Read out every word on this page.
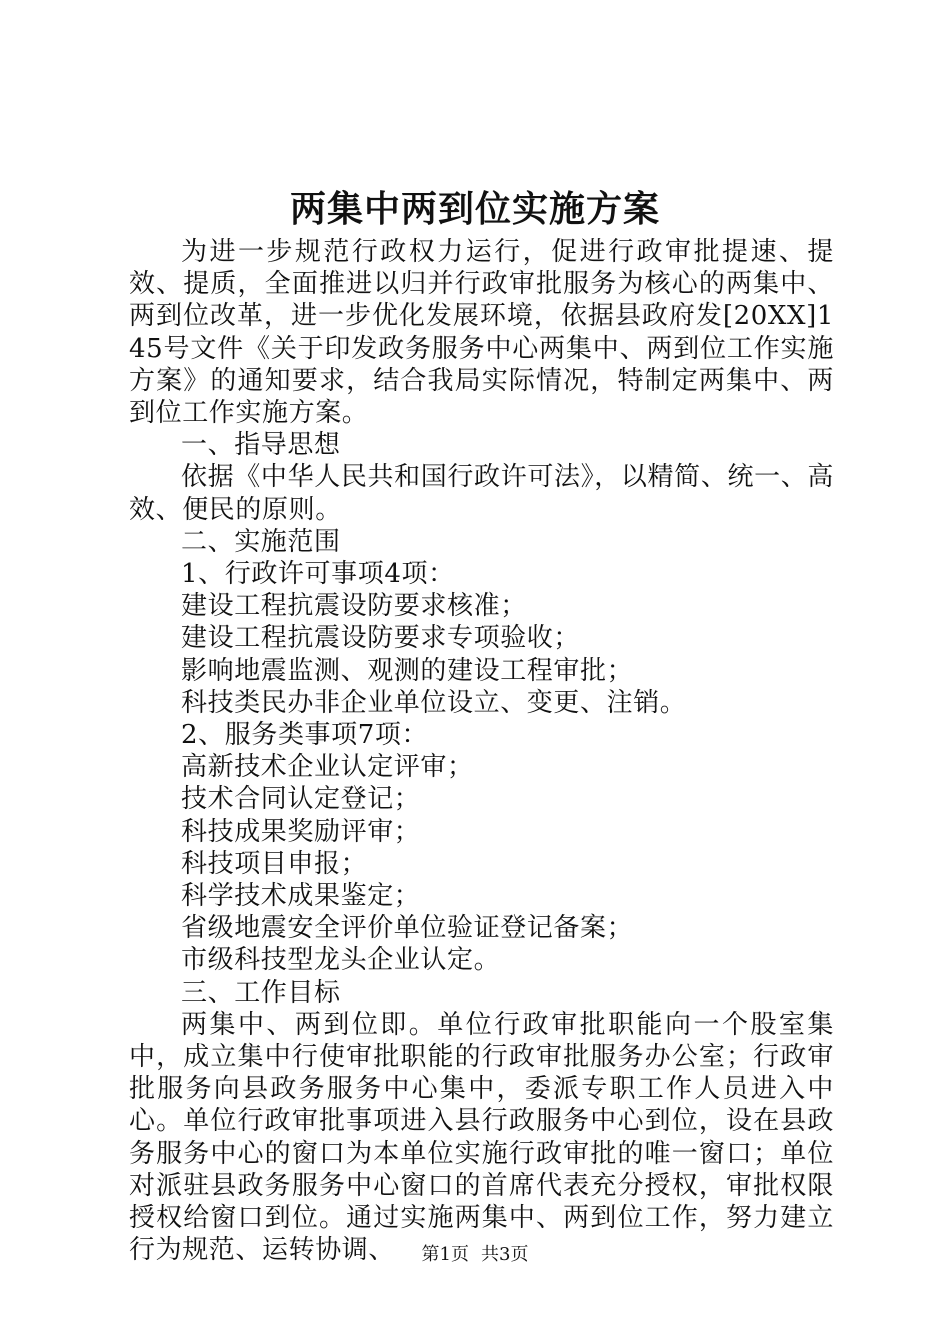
两集中两到位实施方案

为进一步规范行政权力运行，促进行政审批提速、提效、提质，全面推进以归并行政审批服务为核心的两集中、两到位改革，进一步优化发展环境，依据县政府发[20XX]145号文件《关于印发政务服务中心两集中、两到位工作实施方案》的通知要求，结合我局实际情况，特制定两集中、两到位工作实施方案。

一、指导思想

依据《中华人民共和国行政许可法》，以精简、统一、高效、便民的原则。

二、实施范围

1、行政许可事项4项：

建设工程抗震设防要求核准；

建设工程抗震设防要求专项验收；

影响地震监测、观测的建设工程审批；

科技类民办非企业单位设立、变更、注销。

2、服务类事项7项：

高新技术企业认定评审；

技术合同认定登记；

科技成果奖励评审；

科技项目申报；

科学技术成果鉴定；

省级地震安全评价单位验证登记备案；

市级科技型龙头企业认定。

三、工作目标

两集中、两到位即。单位行政审批职能向一个股室集中，成立集中行使审批职能的行政审批服务办公室；行政审批服务向县政务服务中心集中，委派专职工作人员进入中心。单位行政审批事项进入县行政服务中心到位，设在县政务服务中心的窗口为本单位实施行政审批的唯一窗口；单位对派驻县政务服务中心窗口的首席代表充分授权，审批权限授权给窗口到位。通过实施两集中、两到位工作，努力建立行为规范、运转协调、	第1页 共3页
